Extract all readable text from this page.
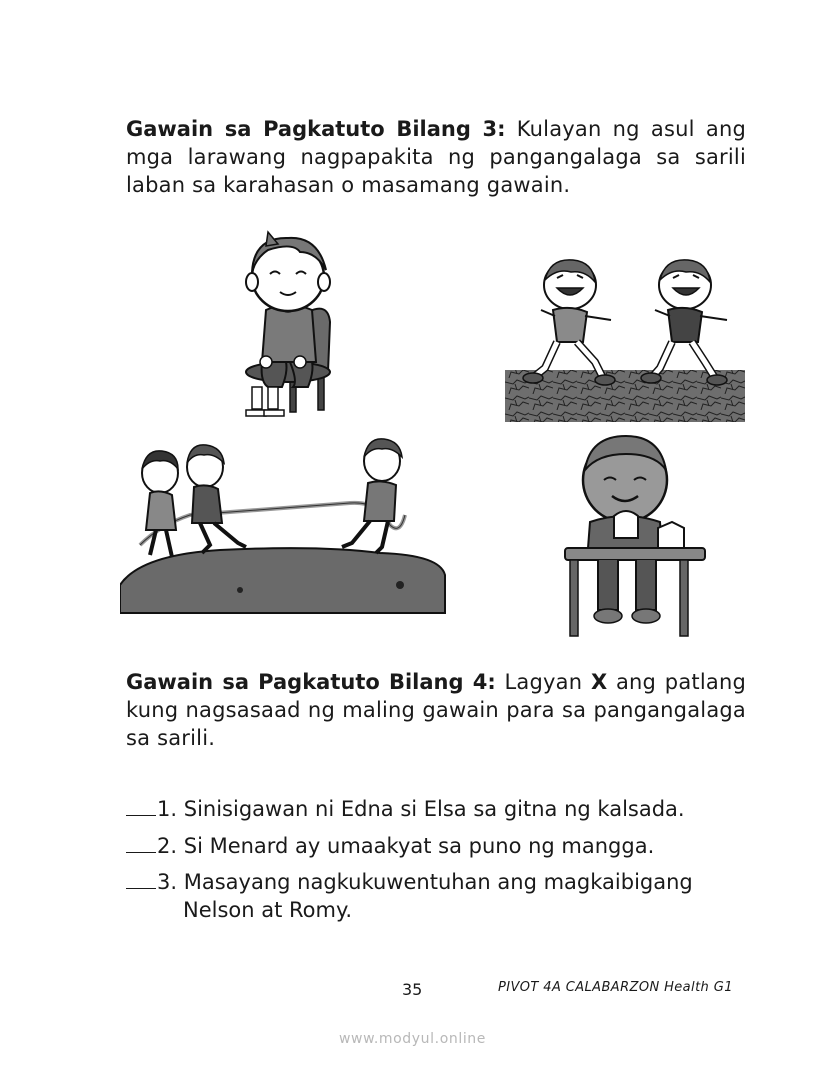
Gawain sa Pagkatuto Bilang 3: Kulayan ng asul ang mga larawang nagpapakita ng pangangalaga sa sarili laban sa karahasan o masamang gawain.

Gawain sa Pagkatuto Bilang 4: Lagyan X ang patlang kung nagsasaad ng maling gawain para sa pangangalaga sa sarili.

1. Sinisigawan ni Edna si Elsa sa gitna ng kalsada.

2. Si Menard ay umaakyat sa puno ng mangga.

3. Masayang nagkukuwentuhan ang magkaibigang
Nelson at Romy.

35	PIVOT 4A CALABARZON Health G1
www.modyul.online
